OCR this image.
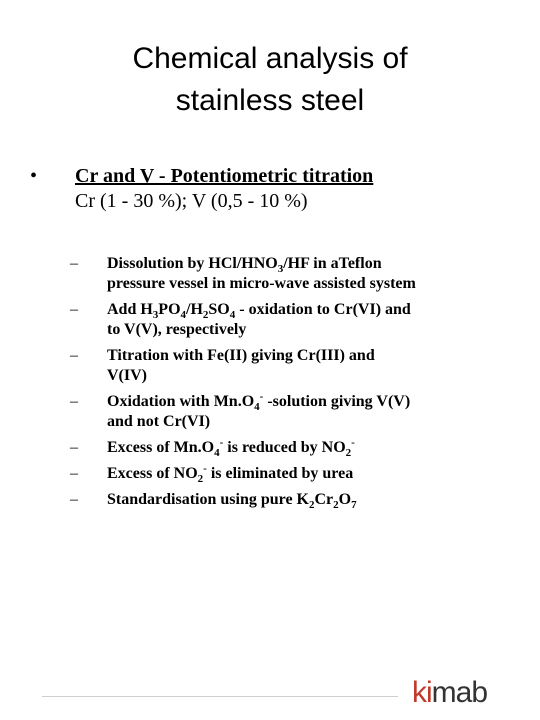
Chemical analysis of
stainless steel
• Cr and V - Potentiometric titration
Cr (1 - 30 %); V (0,5 - 10 %)
– Dissolution by HCl/$HNO_3/HF$ in aTeflon
pressure vessel in micro-wave assisted system
– Add $H_3PO_4/H_2SO_4$ - oxidation to Cr(VI) and
to V(V), respectively
– Titration with Fe(II) giving Cr(III) and
V(IV)
– Oxidation with $Mn.O_4^-$ -solution giving V(V)
and not Cr(VI)
– Excess of $Mn.O_4^-$ is reduced by $NO_2^-$
– Excess of $NO_2^-$ is eliminated by urea
– Standardisation using pure $K_2Cr_2O_7$
kimab
